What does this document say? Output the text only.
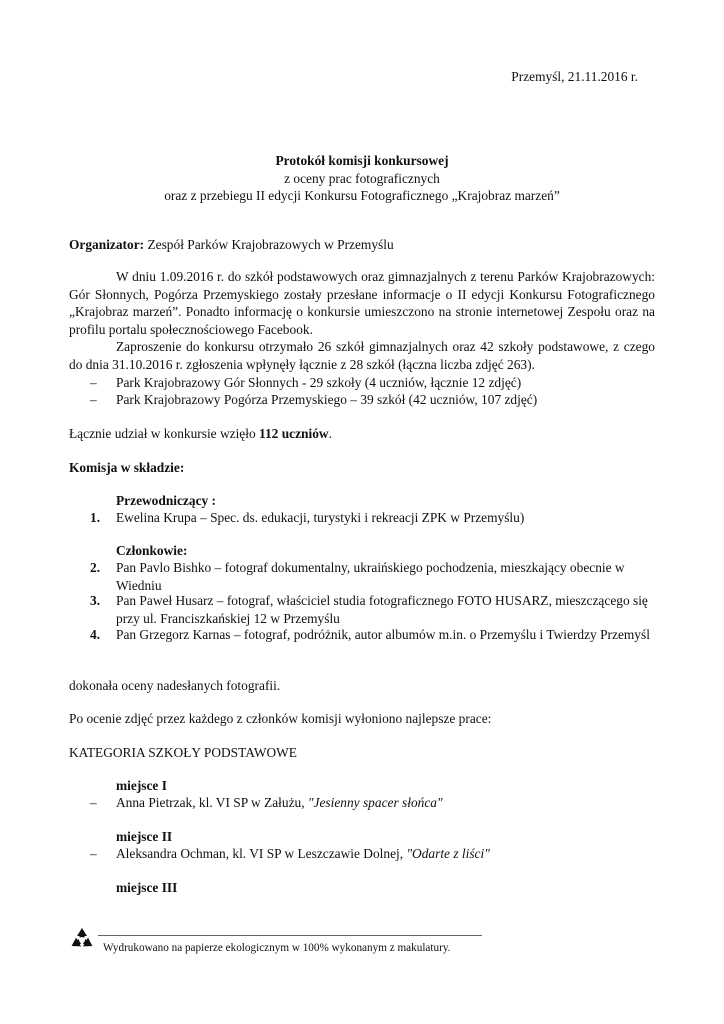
Przemyśl, 21.11.2016 r.
Protokół komisji konkursowej
z oceny prac fotograficznych
oraz z przebiegu II edycji Konkursu Fotograficznego „Krajobraz marzeń”
Organizator: Zespół Parków Krajobrazowych w Przemyślu
W dniu 1.09.2016 r. do szkół podstawowych oraz gimnazjalnych z terenu Parków Krajobrazowych: Gór Słonnych, Pogórza Przemyskiego zostały przesłane informacje o II edycji Konkursu Fotograficznego „Krajobraz marzeń”. Ponadto informację o konkursie umieszczono na stronie internetowej Zespołu oraz na profilu portalu społecznościowego Facebook.
Zaproszenie do konkursu otrzymało 26 szkół gimnazjalnych oraz 42 szkoły podstawowe, z czego do dnia 31.10.2016 r. zgłoszenia wpłynęły łącznie z 28 szkół (łączna liczba zdjęć 263).
– Park Krajobrazowy Gór Słonnych - 29 szkoły (4 uczniów, łącznie 12 zdjęć)
– Park Krajobrazowy Pogórza Przemyskiego – 39 szkół (42 uczniów, 107 zdjęć)
Łącznie udział w konkursie wzięło 112 uczniów.
Komisja w składzie:
Przewodniczący :
1. Ewelina Krupa – Spec. ds. edukacji, turystyki i rekreacji ZPK w Przemyślu)
Członkowie:
2. Pan Pavlo Bishko – fotograf dokumentalny, ukraińskiego pochodzenia, mieszkający obecnie w Wiedniu
3. Pan Paweł Husarz – fotograf, właściciel studia fotograficznego FOTO HUSARZ, mieszczącego się przy ul. Franciszkańskiej 12 w Przemyślu
4. Pan Grzegorz Karnas – fotograf, podróżnik, autor albumów m.in. o Przemyślu i Twierdzy Przemyśl
dokonała oceny nadesłanych fotografii.
Po ocenie zdjęć przez każdego z członków komisji wyłoniono najlepsze prace:
KATEGORIA SZKOŁY PODSTAWOWE
miejsce I
– Anna Pietrzak, kl. VI SP w Załużu, "Jesienny spacer słońca"
miejsce II
– Aleksandra Ochman, kl. VI SP w Leszczawie Dolnej, "Odarte z liści"
miejsce III
Wydrukowano na papierze ekologicznym w 100% wykonanym z makulatury.
